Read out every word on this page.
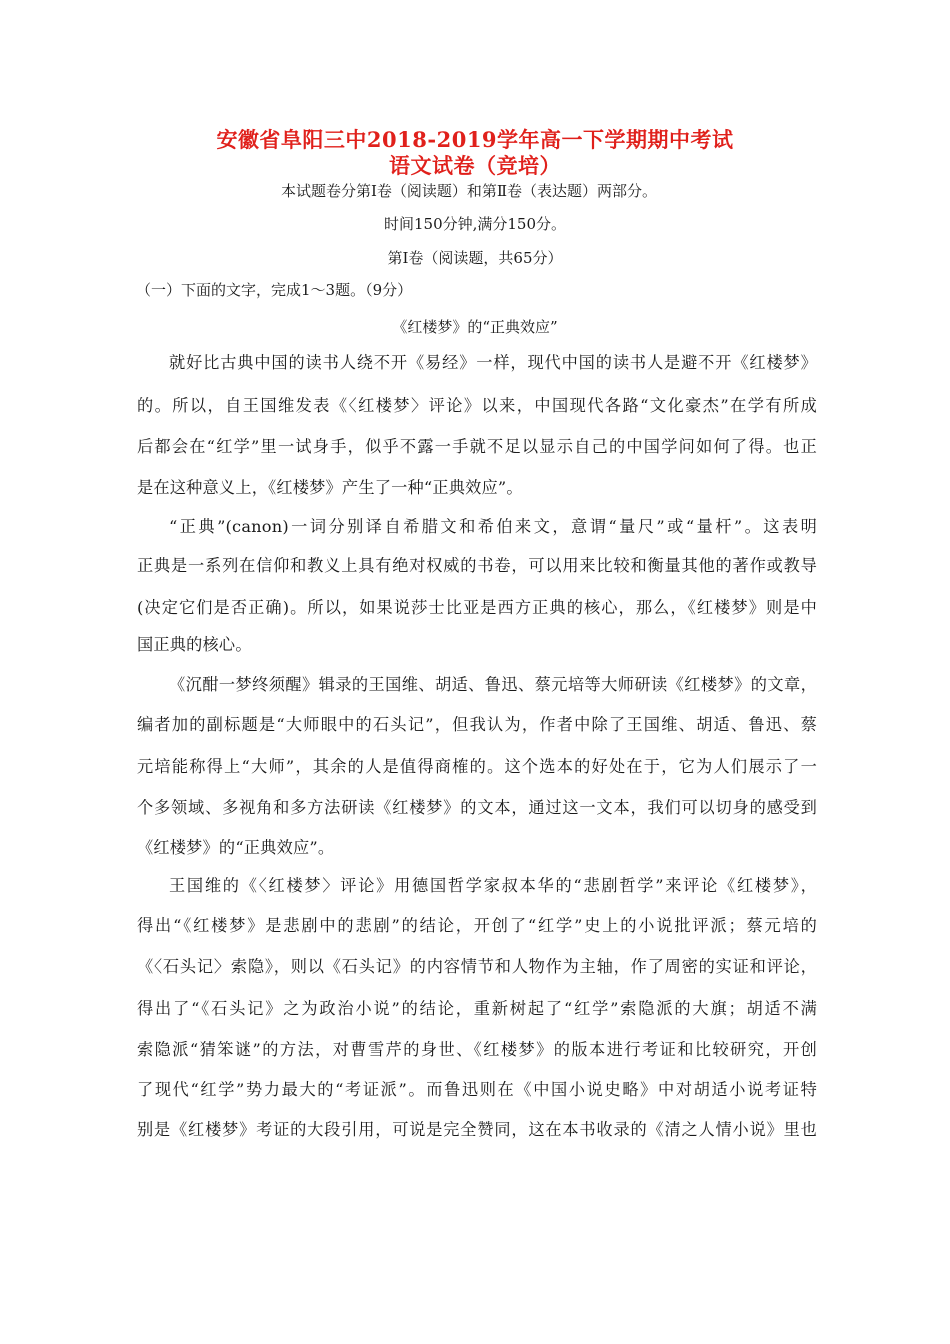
安徽省阜阳三中2018-2019学年高一下学期期中考试
语文试卷（竞培）
本试题卷分第Ⅰ卷（阅读题）和第Ⅱ卷（表达题）两部分。
时间150分钟,满分150分。
第Ⅰ卷（阅读题，共65分）
（一）下面的文字，完成1～3题。（9分）
《红楼梦》的“正典效应”
就好比古典中国的读书人绕不开《易经》一样，现代中国的读书人是避不开《红楼梦》
的。所以，自王国维发表《〈红楼梦〉评论》以来，中国现代各路“文化豪杰”在学有所成
后都会在“红学”里一试身手，似乎不露一手就不足以显示自己的中国学问如何了得。也正
是在这种意义上，《红楼梦》产生了一种“正典效应”。
“正典”(canon)一词分别译自希腊文和希伯来文，意谓“量尺”或“量杆”。这表明
正典是一系列在信仰和教义上具有绝对权威的书卷，可以用来比较和衡量其他的著作或教导
(决定它们是否正确)。所以，如果说莎士比亚是西方正典的核心，那么，《红楼梦》则是中
国正典的核心。
《沉酣一梦终须醒》辑录的王国维、胡适、鲁迅、蔡元培等大师研读《红楼梦》的文章，
编者加的副标题是“大师眼中的石头记”，但我认为，作者中除了王国维、胡适、鲁迅、蔡
元培能称得上“大师”，其余的人是值得商榷的。这个选本的好处在于，它为人们展示了一
个多领域、多视角和多方法研读《红楼梦》的文本，通过这一文本，我们可以切身的感受到
《红楼梦》的“正典效应”。
王国维的《〈红楼梦〉评论》用德国哲学家叔本华的“悲剧哲学”来评论《红楼梦》，
得出“《红楼梦》是悲剧中的悲剧”的结论，开创了“红学”史上的小说批评派；蔡元培的
《〈石头记〉索隐》，则以《石头记》的内容情节和人物作为主轴，作了周密的实证和评论，
得出了“《石头记》之为政治小说”的结论，重新树起了“红学”索隐派的大旗；胡适不满
索隐派“猜笨谜”的方法，对曹雪芹的身世、《红楼梦》的版本进行考证和比较研究，开创
了现代“红学”势力最大的“考证派”。而鲁迅则在《中国小说史略》中对胡适小说考证特
别是《红楼梦》考证的大段引用，可说是完全赞同，这在本书收录的《清之人情小说》里也
